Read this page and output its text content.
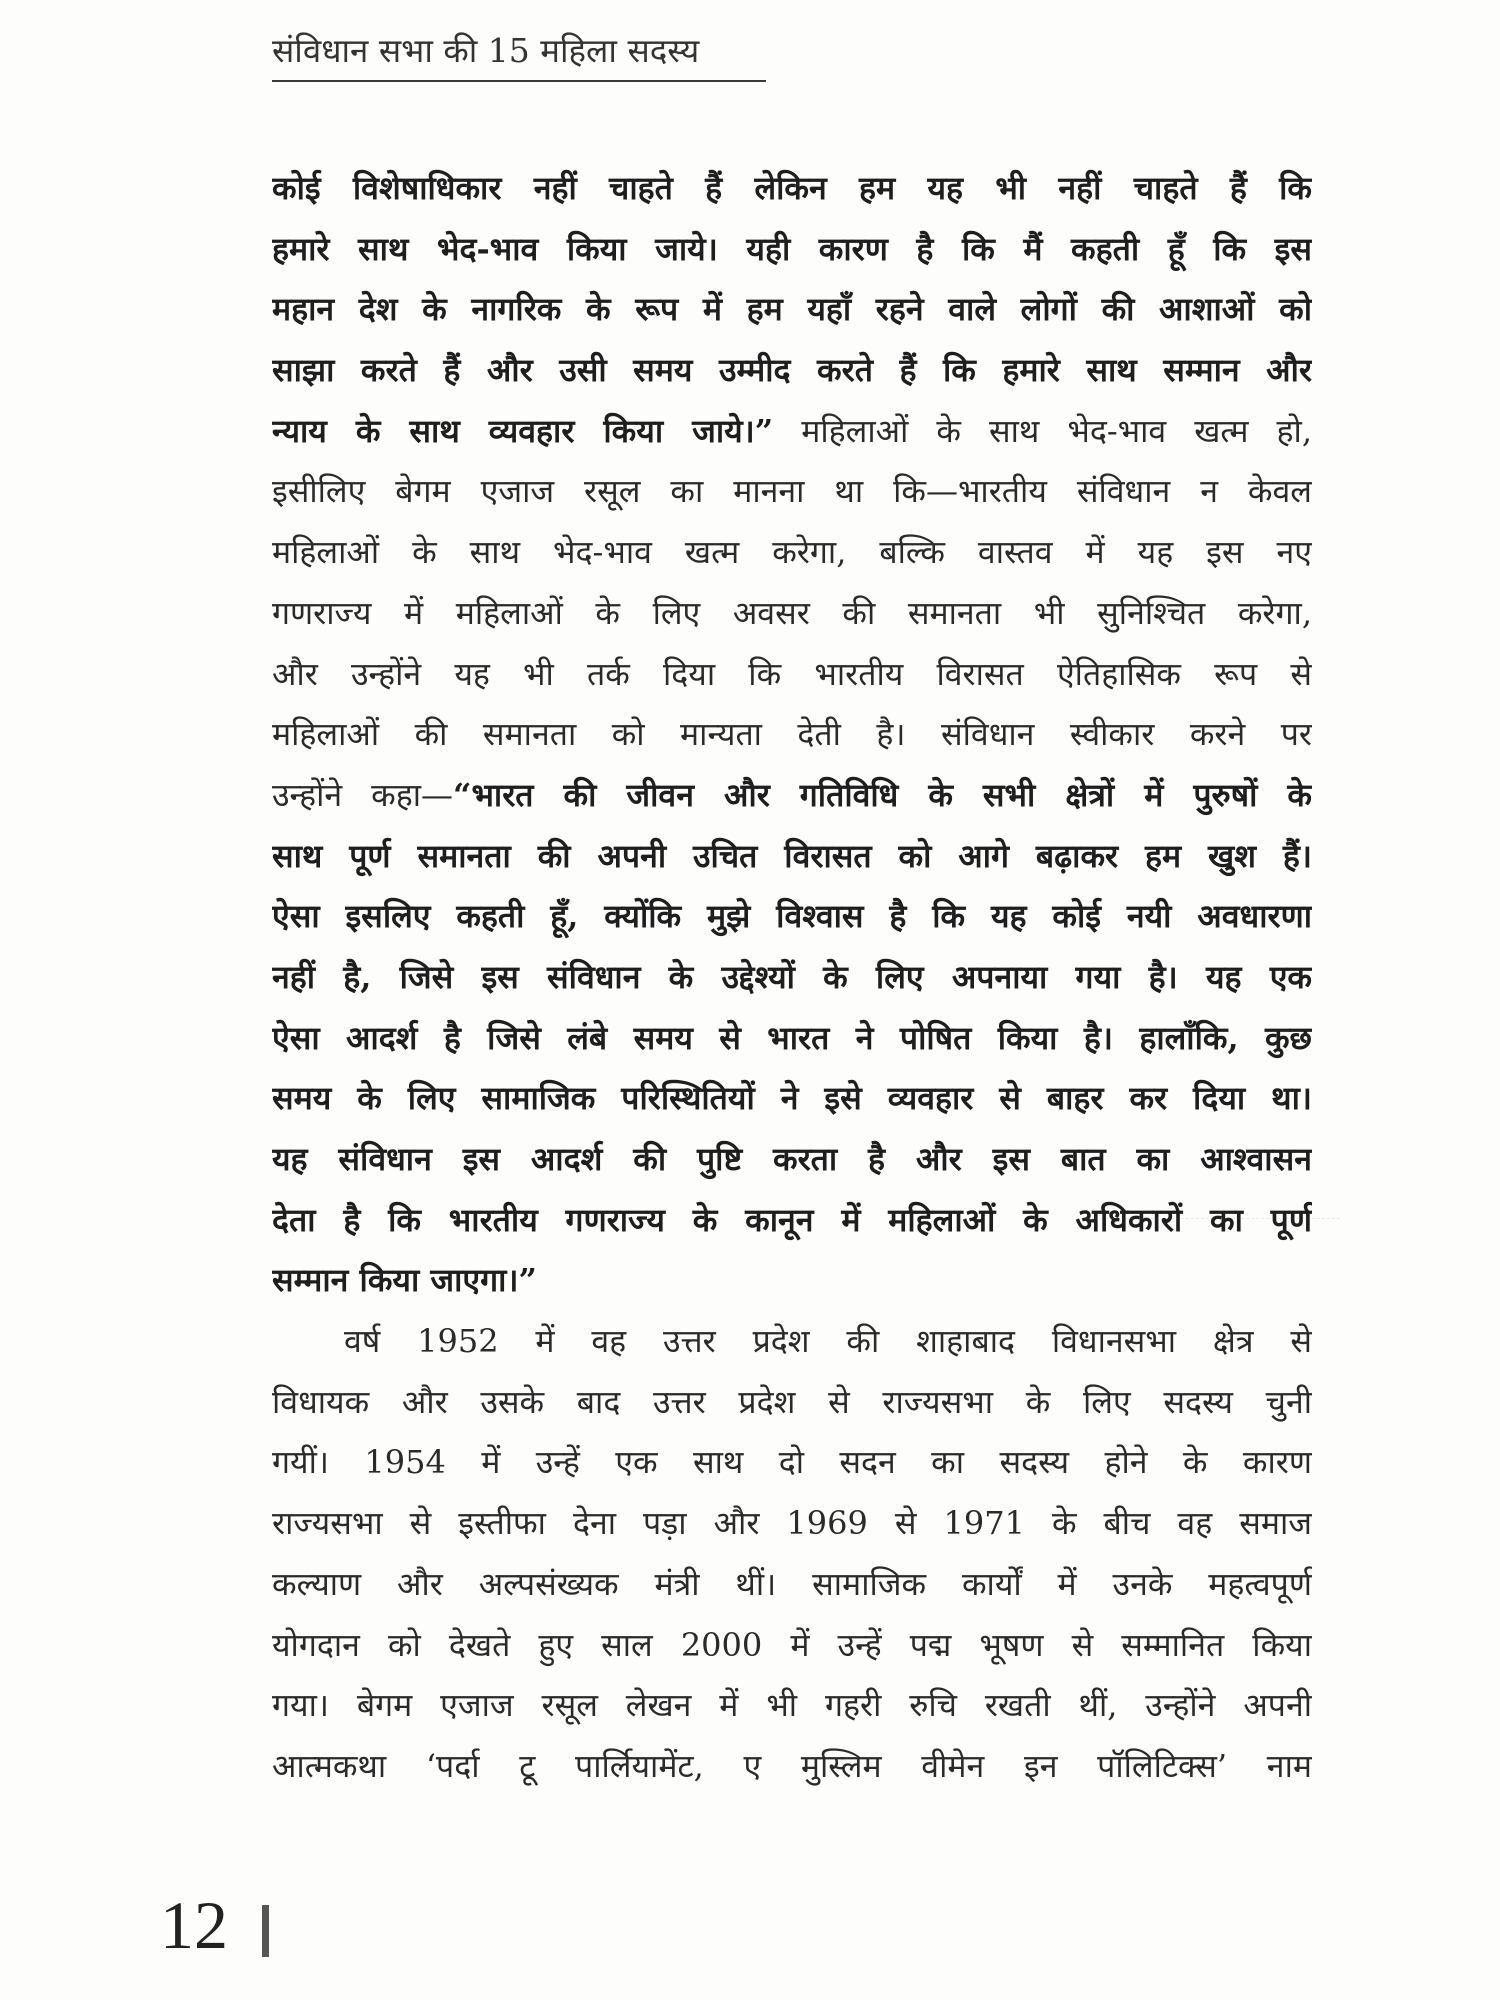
संविधान सभा की 15 महिला सदस्य
कोई विशेषाधिकार नहीं चाहते हैं लेकिन हम यह भी नहीं चाहते हैं कि
हमारे साथ भेद-भाव किया जाये। यही कारण है कि मैं कहती हूँ कि इस
महान देश के नागरिक के रूप में हम यहाँ रहने वाले लोगों की आशाओं को
साझा करते हैं और उसी समय उम्मीद करते हैं कि हमारे साथ सम्मान और
न्याय के साथ व्यवहार किया जाये।” महिलाओं के साथ भेद-भाव खत्म हो,
इसीलिए बेगम एजाज रसूल का मानना था कि—भारतीय संविधान न केवल
महिलाओं के साथ भेद-भाव खत्म करेगा, बल्कि वास्तव में यह इस नए
गणराज्य में महिलाओं के लिए अवसर की समानता भी सुनिश्चित करेगा,
और उन्होंने यह भी तर्क दिया कि भारतीय विरासत ऐतिहासिक रूप से
महिलाओं की समानता को मान्यता देती है। संविधान स्वीकार करने पर
उन्होंने कहा—“भारत की जीवन और गतिविधि के सभी क्षेत्रों में पुरुषों के
साथ पूर्ण समानता की अपनी उचित विरासत को आगे बढ़ाकर हम खुश हैं।
ऐसा इसलिए कहती हूँ, क्योंकि मुझे विश्वास है कि यह कोई नयी अवधारणा
नहीं है, जिसे इस संविधान के उद्देश्यों के लिए अपनाया गया है। यह एक
ऐसा आदर्श है जिसे लंबे समय से भारत ने पोषित किया है। हालाँकि, कुछ
समय के लिए सामाजिक परिस्थितियों ने इसे व्यवहार से बाहर कर दिया था।
यह संविधान इस आदर्श की पुष्टि करता है और इस बात का आश्वासन
देता है कि भारतीय गणराज्य के कानून में महिलाओं के अधिकारों का पूर्ण
सम्मान किया जाएगा।”
वर्ष 1952 में वह उत्तर प्रदेश की शाहाबाद विधानसभा क्षेत्र से
विधायक और उसके बाद उत्तर प्रदेश से राज्यसभा के लिए सदस्य चुनी
गयीं। 1954 में उन्हें एक साथ दो सदन का सदस्य होने के कारण
राज्यसभा से इस्तीफा देना पड़ा और 1969 से 1971 के बीच वह समाज
कल्याण और अल्पसंख्यक मंत्री थीं। सामाजिक कार्यों में उनके महत्वपूर्ण
योगदान को देखते हुए साल 2000 में उन्हें पद्म भूषण से सम्मानित किया
गया। बेगम एजाज रसूल लेखन में भी गहरी रुचि रखती थीं, उन्होंने अपनी
आत्मकथा ‘पर्दा टू पार्लियामेंट, ए मुस्लिम वीमेन इन पॉलिटिक्स’ नाम
12
